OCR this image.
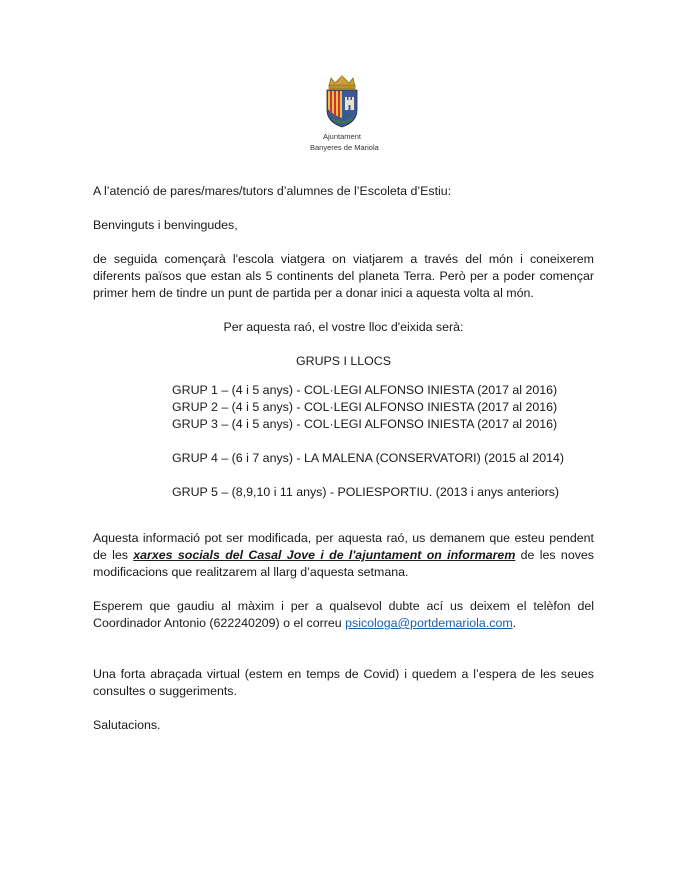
Ajuntament
Banyeres de Mariola

A l’atenció de pares/mares/tutors d’alumnes de l’Escoleta d’Estiu:

Benvinguts i benvingudes,

de seguida començarà l'escola viatgera on viatjarem a través del món i coneixerem diferents països que estan als 5 continents del planeta Terra. Però per a poder començar primer hem de tindre un punt de partida per a donar inici a aquesta volta al món.

Per aquesta raó, el vostre lloc d'eixida serà:

GRUPS I LLOCS

GRUP 1 – (4 i 5 anys) - COL·LEGI ALFONSO INIESTA (2017 al 2016)
GRUP 2 – (4 i 5 anys) - COL·LEGI ALFONSO INIESTA (2017 al 2016)
GRUP 3 – (4 i 5 anys) - COL·LEGI ALFONSO INIESTA (2017 al 2016)
GRUP 4 – (6 i 7 anys) - LA MALENA (CONSERVATORI) (2015 al 2014)
GRUP 5 – (8,9,10 i 11 anys) - POLIESPORTIU. (2013 i anys anteriors)

Aquesta informació pot ser modificada, per aquesta raó, us demanem que esteu pendent de les xarxes socials del Casal Jove i de l'ajuntament on informarem de les noves modificacions que realitzarem al llarg d’aquesta setmana.

Esperem que gaudiu al màxim i per a qualsevol dubte ací us deixem el telèfon del Coordinador Antonio (622240209) o el correu psicologa@portdemariola.com.

Una forta abraçada virtual (estem en temps de Covid) i quedem a l’espera de les seues consultes o suggeriments.

Salutacions.
